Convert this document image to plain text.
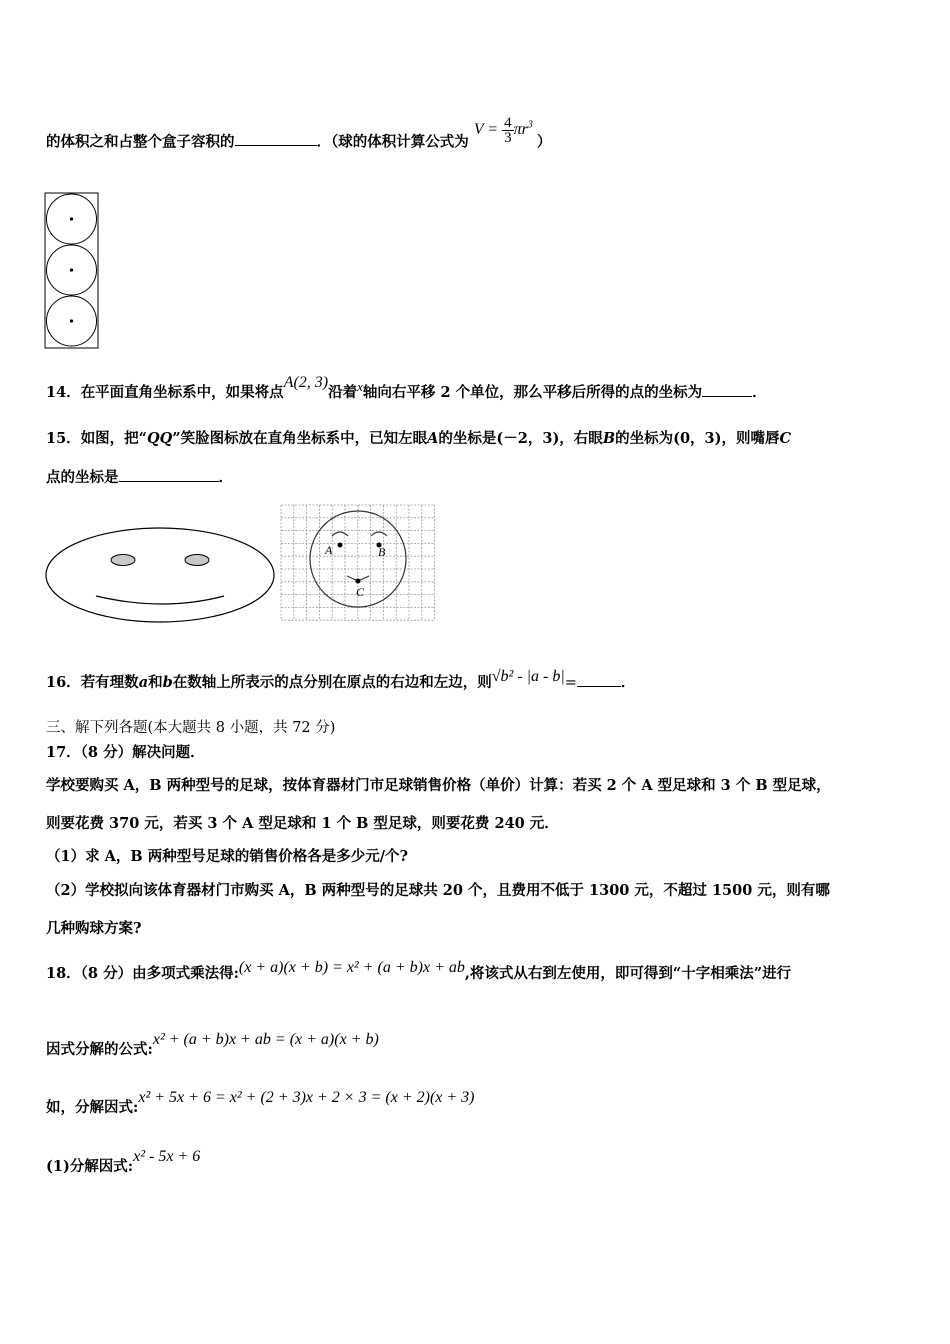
的体积之和占整个盒子容积的	．（球的体积计算公式为 $V = \frac{4}{3} \pi r^3$ ）
14．在平面直角坐标系中，如果将点A(2, 3)沿着x轴向右平移 2 个单位，那么平移后所得的点的坐标为	．
15．如图，把“QQ”笑脸图标放在直角坐标系中，已知左眼A的坐标是(－2，3)，右眼B的坐标为(0，3)，则嘴唇C
点的坐标是	．
A	B
C
16．若有理数a和b在数轴上所表示的点分别在原点的右边和左边，则√b² - |a - b|=	．
三、解下列各题(本大题共 8 小题，共 72 分)
17．（8 分）解决问题．
学校要购买 A，B 两种型号的足球，按体育器材门市足球销售价格（单价）计算：若买 2 个 A 型足球和 3 个 B 型足球，
则要花费 370 元，若买 3 个 A 型足球和 1 个 B 型足球，则要花费 240 元．
（1）求 A，B 两种型号足球的销售价格各是多少元/个?
（2）学校拟向该体育器材门市购买 A，B 两种型号的足球共 20 个，且费用不低于 1300 元，不超过 1500 元，则有哪
几种购球方案?
18．（8 分）由多项式乘法得:(x + a)(x + b) = x² + (a + b)x + ab,将该式从右到左使用，即可得到“十字相乘法”进行
因式分解的公式:x² + (a + b)x + ab = (x + a)(x + b)
如，分解因式:x² + 5x + 6 = x² + (2 + 3)x + 2 × 3 = (x + 2)(x + 3)
(1)分解因式:x² - 5x + 6
